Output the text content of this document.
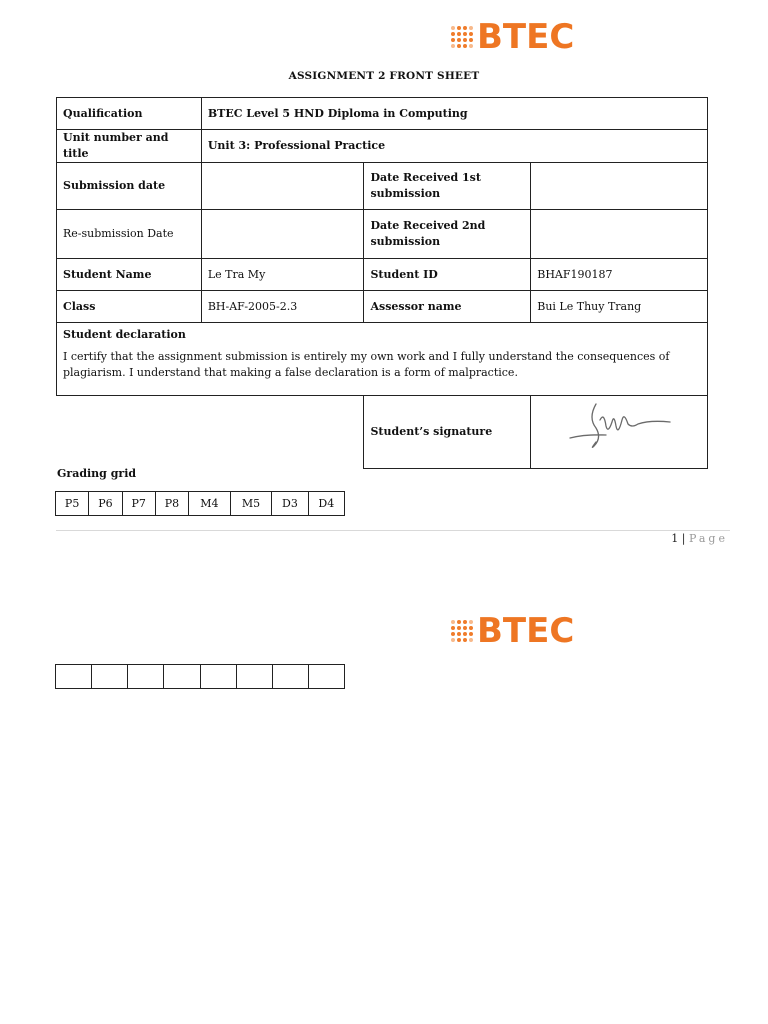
BTEC
ASSIGNMENT 2 FRONT SHEET
Qualification	BTEC Level 5 HND Diploma in Computing		
Unit number and title	Unit 3: Professional Practice		
Submission date		Date Received 1st submission	
Re-submission Date		Date Received 2nd submission	
Student Name	Le Tra My	Student ID	BHAF190187
Class	BH-AF-2005-2.3	Assessor name	Bui Le Thuy Trang

Student declaration
I certify that the assignment submission is entirely my own work and I fully understand the consequences of plagiarism. I understand that making a false declaration is a form of malpractice.			

		Student’s signature	
Grading grid
P5	P6	P7	P8	M4	M5	D3	D4
1 | Page
BTEC
